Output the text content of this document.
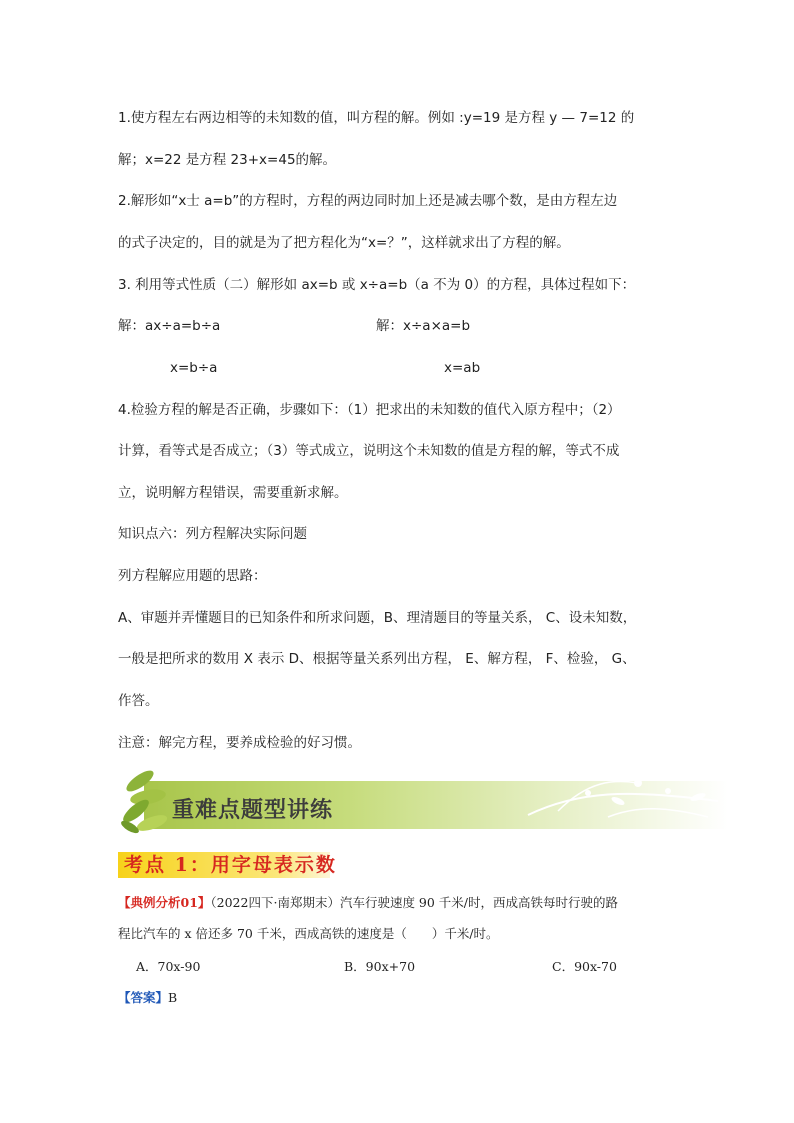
1.使方程左右两边相等的未知数的值，叫方程的解。例如 :y=19 是方程 y — 7=12 的
解；x=22 是方程 23+x=45的解。
2.解形如“x士 a=b”的方程时，方程的两边同时加上还是减去哪个数，是由方程左边
的式子决定的，目的就是为了把方程化为“x=？”，这样就求出了方程的解。
3. 利用等式性质（二）解形如 ax=b 或 x÷a=b（a 不为 0）的方程，具体过程如下：
解：ax÷a=b÷a	解：x÷a×a=b
x=b÷a	x=ab
4.检验方程的解是否正确，步骤如下：（1）把求出的未知数的值代入原方程中；（2）
计算，看等式是否成立；（3）等式成立，说明这个未知数的值是方程的解，等式不成
立，说明解方程错误，需要重新求解。
知识点六：列方程解决实际问题
列方程解应用题的思路：
A、审题并弄懂题目的已知条件和所求问题，B、理清题目的等量关系， C、设未知数，
一般是把所求的数用 X 表示 D、根据等量关系列出方程， E、解方程， F、检验， G、
作答。
注意：解完方程，要养成检验的好习惯。
重难点题型讲练
考点 1：用字母表示数
【典例分析01】（2022四下·南郑期末）汽车行驶速度 90 千米/时，西成高铁每时行驶的路
程比汽车的 x 倍还多 70 千米，西成高铁的速度是（　　）千米/时。
A．70x-90	B．90x+70	C．90x-70
【答案】B
